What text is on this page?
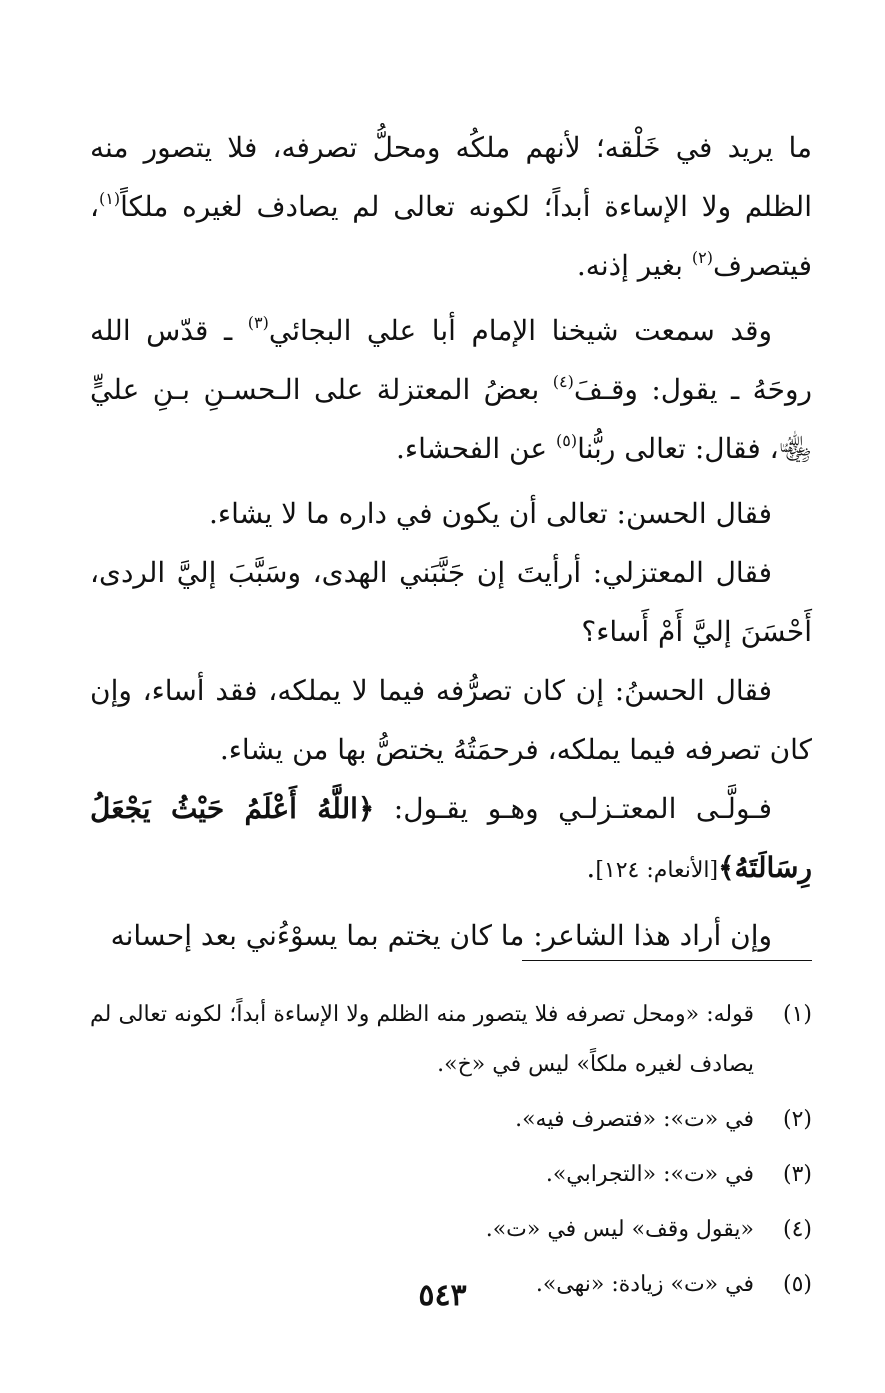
ما يريد في خَلْقه؛ لأنهم ملكُه ومحلُّ تصرفه، فلا يتصور منه الظلم ولا الإساءة أبداً؛ لكونه تعالى لم يصادف لغيره ملكاً$^{(١)}$، فيتصرف$^{(٢)}$ بغير إذنه.

وقد سمعت شيخنا الإمام أبا علي البجائي$^{(٣)}$ ـ قدّس الله روحَهُ ـ يقول: وقـفَ$^{(٤)}$ بعضُ المعتزلة على الـحسـنِ بـنِ عليٍّ ﵄، فقال: تعالى ربُّنا$^{(٥)}$ عن الفحشاء.

فقال الحسن: تعالى أن يكون في داره ما لا يشاء.

فقال المعتزلي: أرأيتَ إن جَنَّبَني الهدى، وسَبَّبَ إليَّ الردى، أَحْسَنَ إليَّ أَمْ أَساء؟

فقال الحسنُ: إن كان تصرُّفه فيما لا يملكه، فقد أساء، وإن كان تصرفه فيما يملكه، فرحمَتُهُ يختصُّ بها من يشاء.

فـولَّـى المعتـزلـي وهـو يقـول: ﴿اللَّهُ أَعْلَمُ حَيْثُ يَجْعَلُ رِسَالَتَهُ﴾[الأنعام: ١٢٤].

وإن أراد هذا الشاعر: ما كان يختم بما يسوْءُني بعد إحسانه

(١)
قوله: «ومحل تصرفه فلا يتصور منه الظلم ولا الإساءة أبداً؛ لكونه تعالى لم يصادف لغيره ملكاً» ليس في «خ».
(٢)
في «ت»: «فتصرف فيه».
(٣)
في «ت»: «التجرابي».
(٤)
«يقول وقف» ليس في «ت».
(٥)
في «ت» زيادة: «نهى».
٥٤٣
